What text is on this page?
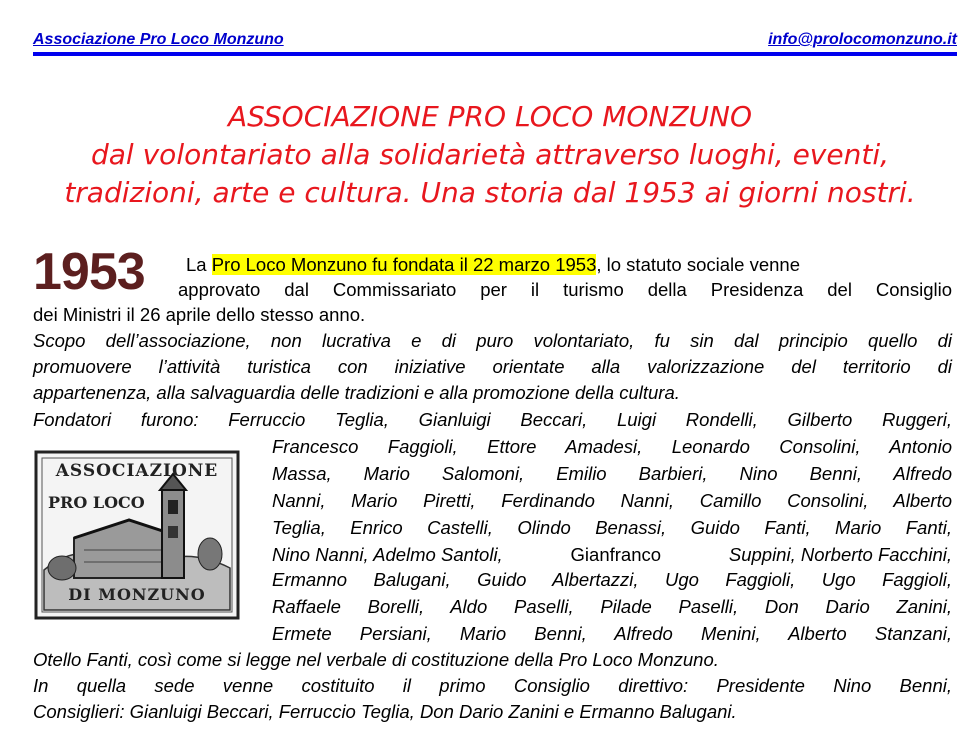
Associazione Pro Loco Monzuno	info@prolocomonzuno.it
ASSOCIAZIONE PRO LOCO MONZUNO
dal volontariato alla solidarietà attraverso luoghi, eventi,
tradizioni, arte e cultura. Una storia dal 1953 ai giorni nostri.
1953 La Pro Loco Monzuno fu fondata il 22 marzo 1953, lo statuto sociale venne
approvato dal Commissariato per il turismo della Presidenza del Consiglio
dei Ministri il 26 aprile dello stesso anno.
Scopo dell’associazione, non lucrativa e di puro volontariato, fu sin dal principio quello di
promuovere l’attività turistica con iniziative orientate alla valorizzazione del territorio di
appartenenza, alla salvaguardia delle tradizioni e alla promozione della cultura.
Fondatori furono: Ferruccio Teglia, Gianluigi Beccari, Luigi Rondelli, Gilberto Ruggeri,
Francesco Faggioli, Ettore Amadesi, Leonardo Consolini, Antonio
Massa, Mario Salomoni, Emilio Barbieri, Nino Benni, Alfredo
Nanni, Mario Piretti, Ferdinando Nanni, Camillo Consolini, Alberto
Teglia, Enrico Castelli, Olindo Benassi, Guido Fanti, Mario Fanti,
Nino Nanni, Adelmo Santoli,	Gianfranco	Suppini, Norberto Facchini,
Ermanno Balugani, Guido Albertazzi, Ugo Faggioli, Ugo Faggioli,
Raffaele Borelli, Aldo Paselli, Pilade Paselli, Don Dario Zanini,
Ermete Persiani, Mario Benni, Alfredo Menini, Alberto Stanzani,
Otello Fanti, così come si legge nel verbale di costituzione della Pro Loco Monzuno.
In quella sede venne costituito il primo Consiglio direttivo: Presidente Nino Benni,
Consiglieri: Gianluigi Beccari, Ferruccio Teglia, Don Dario Zanini e Ermanno Balugani.
ASSOCIAZIONE
PRO LOCO
DI MONZUNO
